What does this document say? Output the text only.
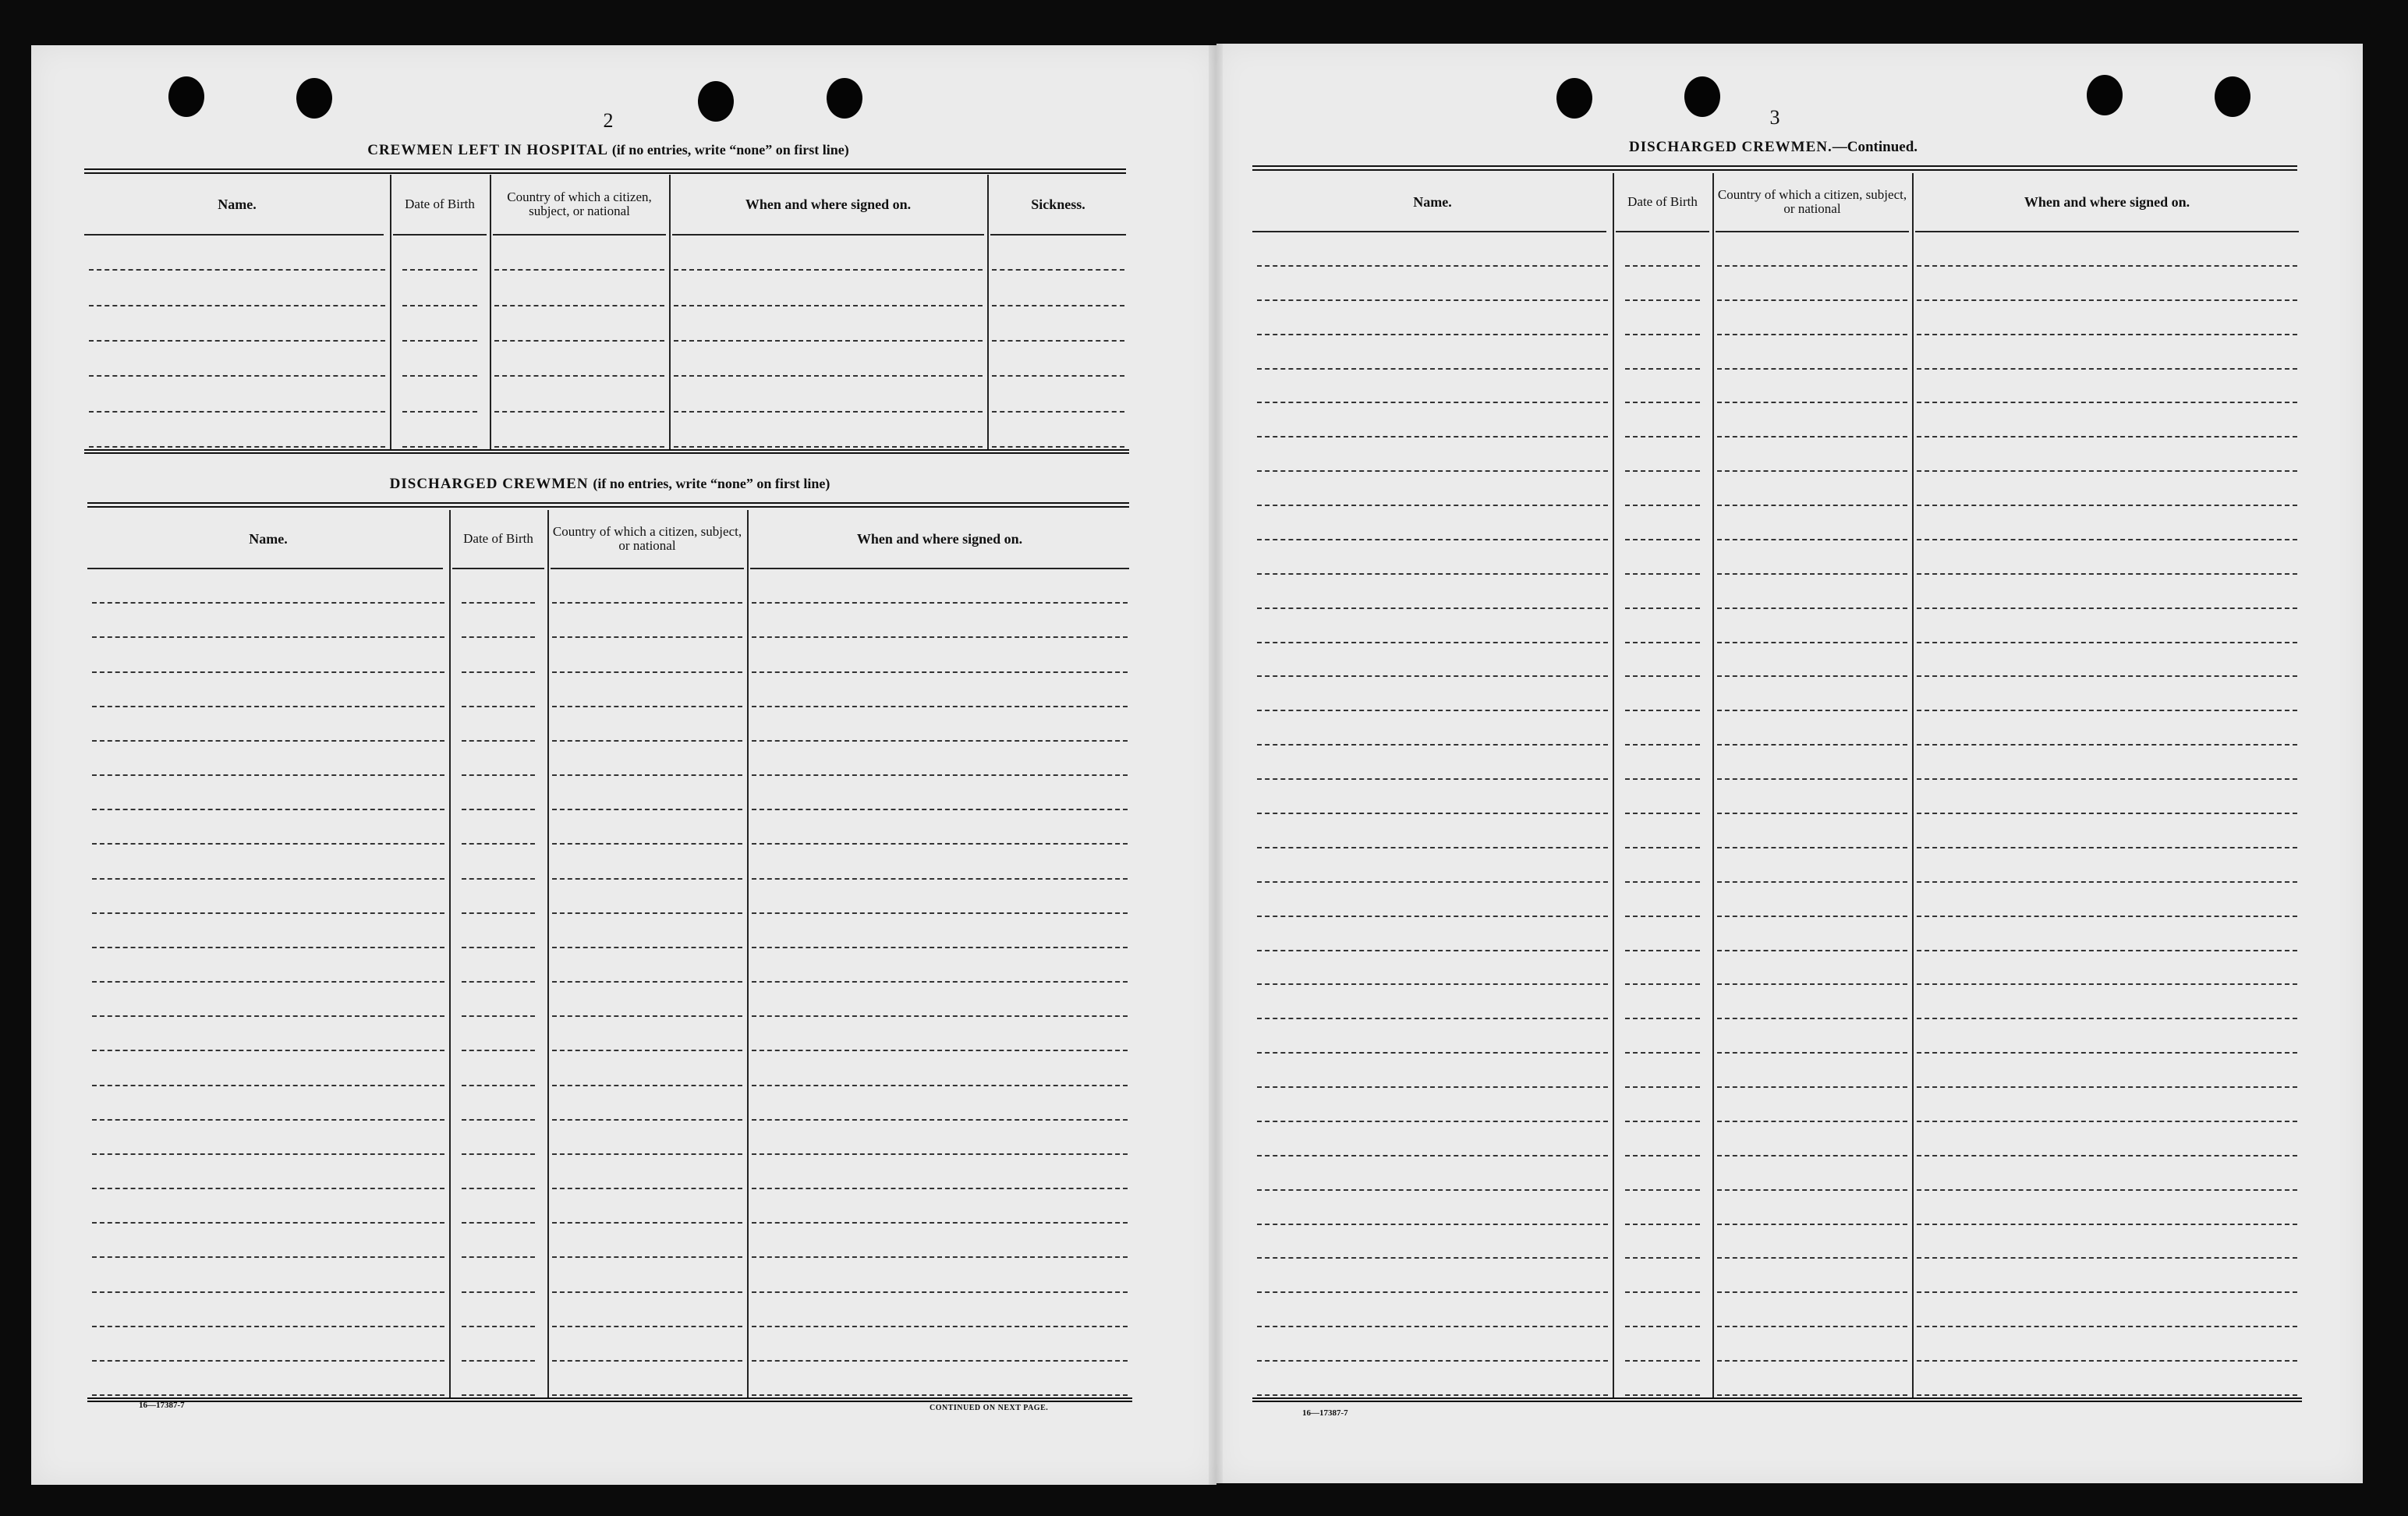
2
CREWMEN LEFT IN HOSPITAL (if no entries, write “none” on first line)
Name.	Date of Birth	Country of which a citizen, subject, or national	When and where signed on.	Sickness.
DISCHARGED CREWMEN (if no entries, write “none” on first line)
Name.	Date of Birth	Country of which a citizen, subject, or national	When and where signed on.
16—17387-7	CONTINUED ON NEXT PAGE.
3
DISCHARGED CREWMEN.—Continued.
Name.	Date of Birth	Country of which a citizen, subject, or national	When and where signed on.
16—17387-7
